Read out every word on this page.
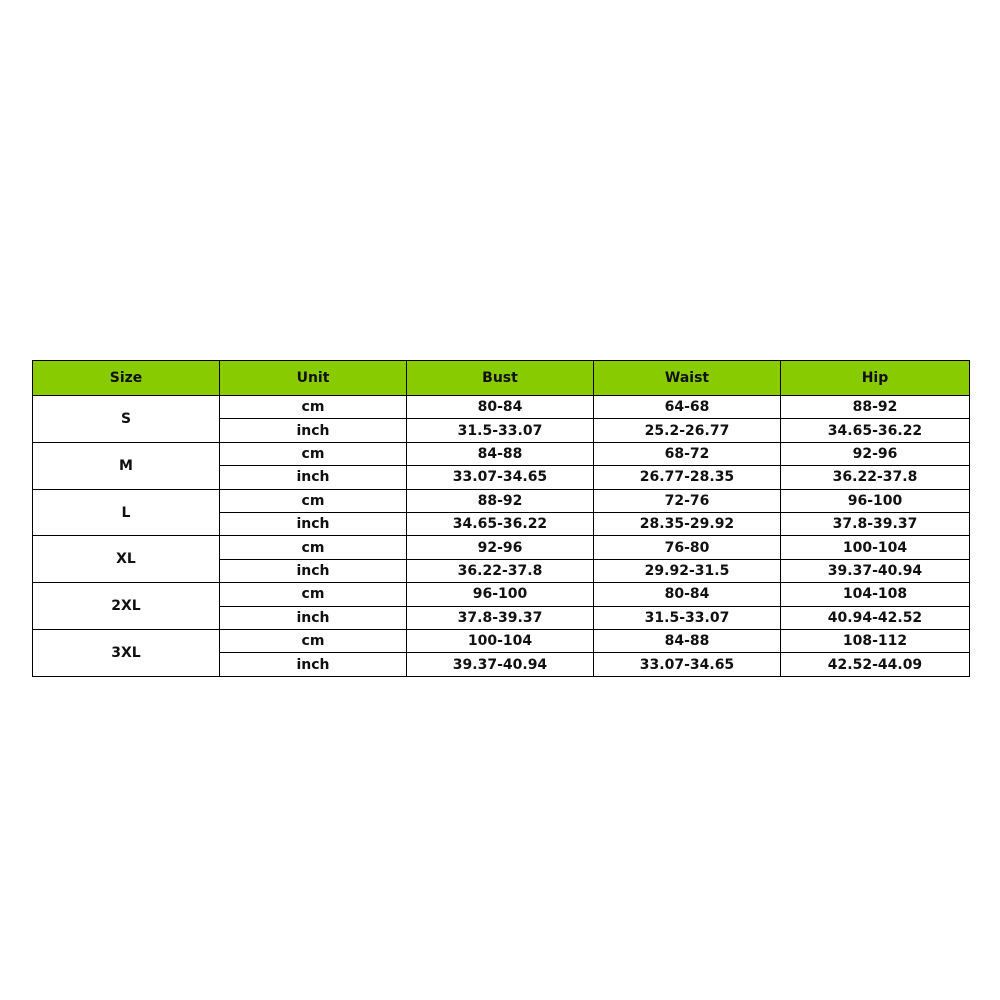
Size	Unit	Bust	Waist	Hip
S	cm	80-84	64-68	88-92
	inch	31.5-33.07	25.2-26.77	34.65-36.22
M	cm	84-88	68-72	92-96
	inch	33.07-34.65	26.77-28.35	36.22-37.8
L	cm	88-92	72-76	96-100
	inch	34.65-36.22	28.35-29.92	37.8-39.37
XL	cm	92-96	76-80	100-104
	inch	36.22-37.8	29.92-31.5	39.37-40.94
2XL	cm	96-100	80-84	104-108
	inch	37.8-39.37	31.5-33.07	40.94-42.52
3XL	cm	100-104	84-88	108-112
	inch	39.37-40.94	33.07-34.65	42.52-44.09
